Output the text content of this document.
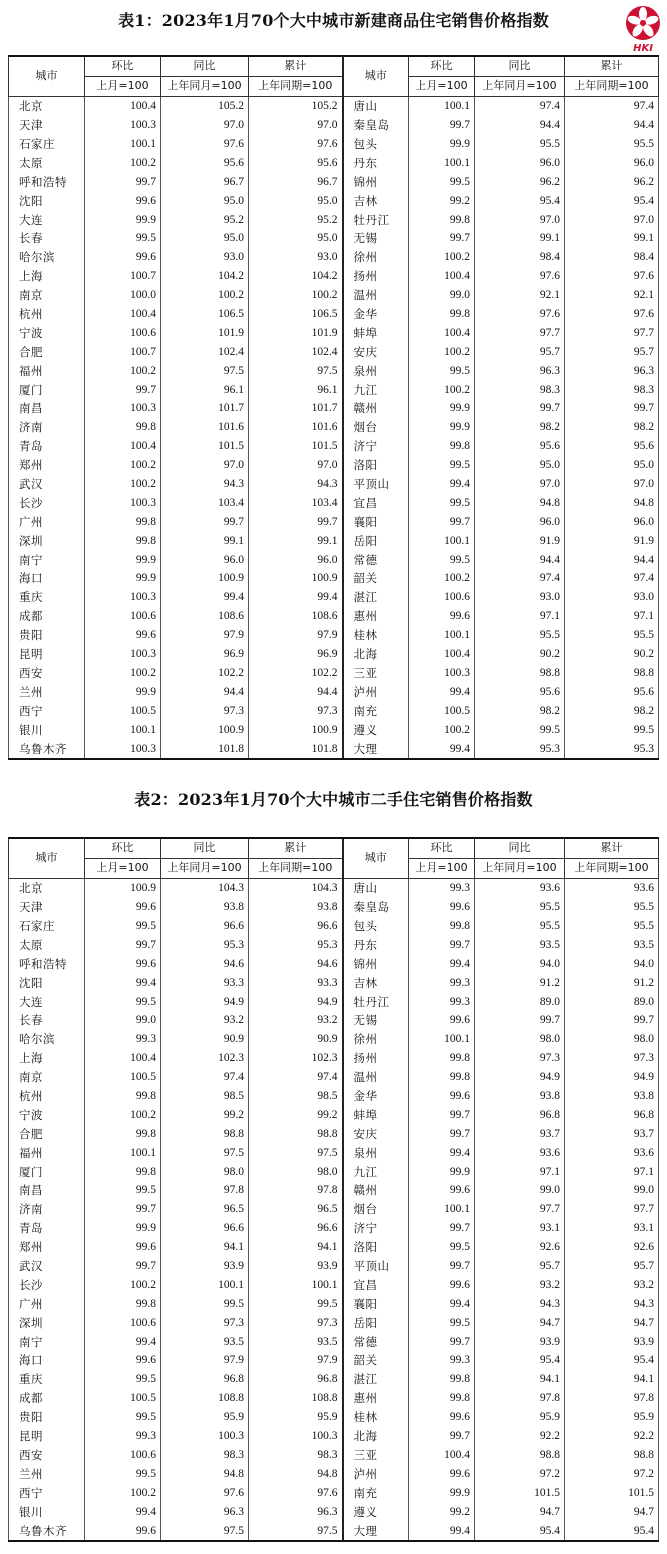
表1：2023年1月70个大中城市新建商品住宅销售价格指数
HKI
城市	环比	同比	累计	城市	环比	同比	累计
	上月=100	上年同月=100	上年同期=100		上月=100	上年同月=100	上年同期=100
北京	100.4	105.2	105.2	唐山	100.1	97.4	97.4
天津	100.3	97.0	97.0	秦皇岛	99.7	94.4	94.4
石家庄	100.1	97.6	97.6	包头	99.9	95.5	95.5
太原	100.2	95.6	95.6	丹东	100.1	96.0	96.0
呼和浩特	99.7	96.7	96.7	锦州	99.5	96.2	96.2
沈阳	99.6	95.0	95.0	吉林	99.2	95.4	95.4
大连	99.9	95.2	95.2	牡丹江	99.8	97.0	97.0
长春	99.5	95.0	95.0	无锡	99.7	99.1	99.1
哈尔滨	99.6	93.0	93.0	徐州	100.2	98.4	98.4
上海	100.7	104.2	104.2	扬州	100.4	97.6	97.6
南京	100.0	100.2	100.2	温州	99.0	92.1	92.1
杭州	100.4	106.5	106.5	金华	99.8	97.6	97.6
宁波	100.6	101.9	101.9	蚌埠	100.4	97.7	97.7
合肥	100.7	102.4	102.4	安庆	100.2	95.7	95.7
福州	100.2	97.5	97.5	泉州	99.5	96.3	96.3
厦门	99.7	96.1	96.1	九江	100.2	98.3	98.3
南昌	100.3	101.7	101.7	赣州	99.9	99.7	99.7
济南	99.8	101.6	101.6	烟台	99.9	98.2	98.2
青岛	100.4	101.5	101.5	济宁	99.8	95.6	95.6
郑州	100.2	97.0	97.0	洛阳	99.5	95.0	95.0
武汉	100.2	94.3	94.3	平顶山	99.4	97.0	97.0
长沙	100.3	103.4	103.4	宜昌	99.5	94.8	94.8
广州	99.8	99.7	99.7	襄阳	99.7	96.0	96.0
深圳	99.8	99.1	99.1	岳阳	100.1	91.9	91.9
南宁	99.9	96.0	96.0	常德	99.5	94.4	94.4
海口	99.9	100.9	100.9	韶关	100.2	97.4	97.4
重庆	100.3	99.4	99.4	湛江	100.6	93.0	93.0
成都	100.6	108.6	108.6	惠州	99.6	97.1	97.1
贵阳	99.6	97.9	97.9	桂林	100.1	95.5	95.5
昆明	100.3	96.9	96.9	北海	100.4	90.2	90.2
西安	100.2	102.2	102.2	三亚	100.3	98.8	98.8
兰州	99.9	94.4	94.4	泸州	99.4	95.6	95.6
西宁	100.5	97.3	97.3	南充	100.5	98.2	98.2
银川	100.1	100.9	100.9	遵义	100.2	99.5	99.5
乌鲁木齐	100.3	101.8	101.8	大理	99.4	95.3	95.3
表2：2023年1月70个大中城市二手住宅销售价格指数
城市	环比	同比	累计	城市	环比	同比	累计
	上月=100	上年同月=100	上年同期=100		上月=100	上年同月=100	上年同期=100
北京	100.9	104.3	104.3	唐山	99.3	93.6	93.6
天津	99.6	93.8	93.8	秦皇岛	99.6	95.5	95.5
石家庄	99.5	96.6	96.6	包头	99.8	95.5	95.5
太原	99.7	95.3	95.3	丹东	99.7	93.5	93.5
呼和浩特	99.6	94.6	94.6	锦州	99.4	94.0	94.0
沈阳	99.4	93.3	93.3	吉林	99.3	91.2	91.2
大连	99.5	94.9	94.9	牡丹江	99.3	89.0	89.0
长春	99.0	93.2	93.2	无锡	99.6	99.7	99.7
哈尔滨	99.3	90.9	90.9	徐州	100.1	98.0	98.0
上海	100.4	102.3	102.3	扬州	99.8	97.3	97.3
南京	100.5	97.4	97.4	温州	99.8	94.9	94.9
杭州	99.8	98.5	98.5	金华	99.6	93.8	93.8
宁波	100.2	99.2	99.2	蚌埠	99.7	96.8	96.8
合肥	99.8	98.8	98.8	安庆	99.7	93.7	93.7
福州	100.1	97.5	97.5	泉州	99.4	93.6	93.6
厦门	99.8	98.0	98.0	九江	99.9	97.1	97.1
南昌	99.5	97.8	97.8	赣州	99.6	99.0	99.0
济南	99.7	96.5	96.5	烟台	100.1	97.7	97.7
青岛	99.9	96.6	96.6	济宁	99.7	93.1	93.1
郑州	99.6	94.1	94.1	洛阳	99.5	92.6	92.6
武汉	99.7	93.9	93.9	平顶山	99.7	95.7	95.7
长沙	100.2	100.1	100.1	宜昌	99.6	93.2	93.2
广州	99.8	99.5	99.5	襄阳	99.4	94.3	94.3
深圳	100.6	97.3	97.3	岳阳	99.5	94.7	94.7
南宁	99.4	93.5	93.5	常德	99.7	93.9	93.9
海口	99.6	97.9	97.9	韶关	99.3	95.4	95.4
重庆	99.5	96.8	96.8	湛江	99.8	94.1	94.1
成都	100.5	108.8	108.8	惠州	99.8	97.8	97.8
贵阳	99.5	95.9	95.9	桂林	99.6	95.9	95.9
昆明	99.3	100.3	100.3	北海	99.7	92.2	92.2
西安	100.6	98.3	98.3	三亚	100.4	98.8	98.8
兰州	99.5	94.8	94.8	泸州	99.6	97.2	97.2
西宁	100.2	97.6	97.6	南充	99.9	101.5	101.5
银川	99.4	96.3	96.3	遵义	99.2	94.7	94.7
乌鲁木齐	99.6	97.5	97.5	大理	99.4	95.4	95.4
